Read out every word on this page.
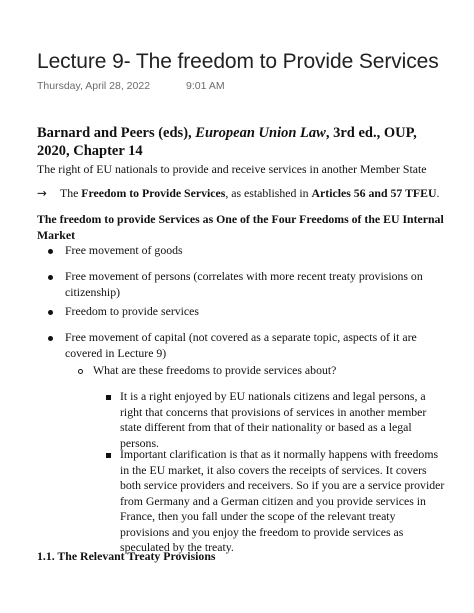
Lecture 9- The freedom to Provide Services
Thursday, April 28, 2022	9:01 AM
Barnard and Peers (eds), European Union Law, 3rd ed., OUP, 2020, Chapter 14
The right of EU nationals to provide and receive services in another Member State
→ The Freedom to Provide Services, as established in Articles 56 and 57 TFEU.
The freedom to provide Services as One of the Four Freedoms of the EU Internal Market
Free movement of goods
Free movement of persons (correlates with more recent treaty provisions on citizenship)
Freedom to provide services
Free movement of capital (not covered as a separate topic, aspects of it are covered in Lecture 9)
What are these freedoms to provide services about?
It is a right enjoyed by EU nationals citizens and legal persons, a right that concerns that provisions of services in another member state different from that of their nationality or based as a legal persons.
Important clarification is that as it normally happens with freedoms in the EU market, it also covers the receipts of services. It covers both service providers and receivers. So if you are a service provider from Germany and a German citizen and you provide services in France, then you fall under the scope of the relevant treaty provisions and you enjoy the freedom to provide services as speculated by the treaty.
1.1. The Relevant Treaty Provisions
